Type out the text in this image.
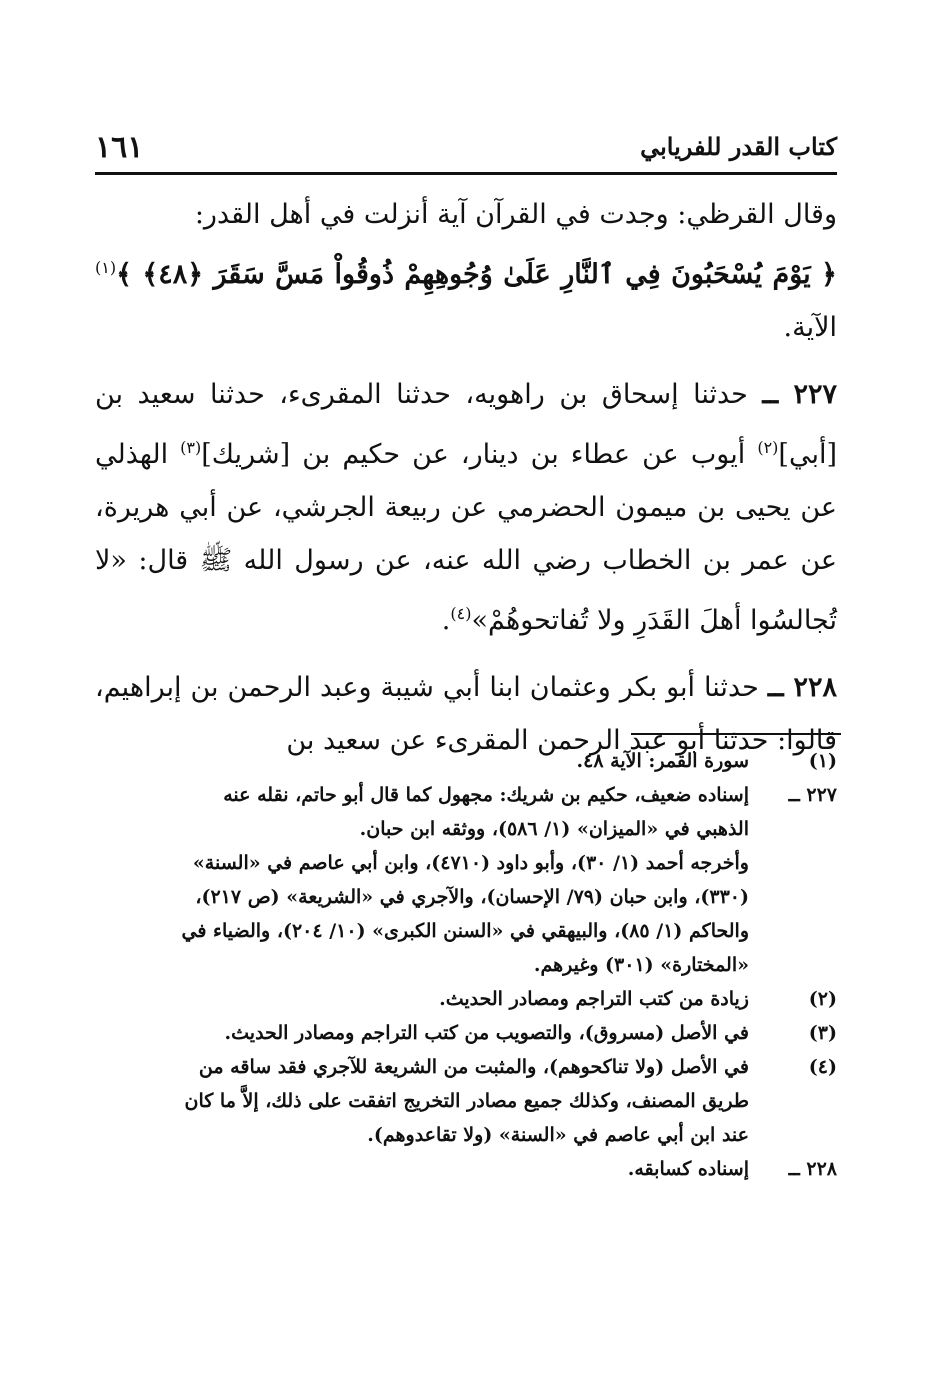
كتاب القدر للفريابي
١٦١

وقال القرظي: وجدت في القرآن آية أنزلت في أهل القدر:
﴿ يَوْمَ يُسْحَبُونَ فِي ٱلنَّارِ عَلَىٰ وُجُوهِهِمْ ذُوقُواْ مَسَّ سَقَرَ ﴿٤٨﴾ ﴾$^{(١)}$ الآية.

٢٢٧ ــ حدثنا إسحاق بن راهويه، حدثنا المقرىء، حدثنا سعيد بن [أبي]$^{(٢)}$ أيوب عن عطاء بن دينار، عن حكيم بن [شريك]$^{(٣)}$ الهذلي عن يحيى بن ميمون الحضرمي عن ربيعة الجرشي، عن أبي هريرة، عن عمر بن الخطاب رضي الله عنه، عن رسول الله ﷺ قال: «لا تُجالسُوا أهلَ القَدَرِ ولا تُفاتحوهُمْ»$^{(٤)}$.

٢٢٨ ــ حدثنا أبو بكر وعثمان ابنا أبي شيبة وعبد الرحمن بن إبراهيم، قالوا: حدثنا أبو عبد الرحمن المقرىء عن سعيد بن

(١)
سورة القمر: الآية ٤٨.
٢٢٧ ــ
إسناده ضعيف، حكيم بن شريك: مجهول كما قال أبو حاتم، نقله عنه
الذهبي في «الميزان» (١/ ٥٨٦)، ووثقه ابن حبان.
وأخرجه أحمد (١/ ٣٠)، وأبو داود (٤٧١٠)، وابن أبي عاصم في «السنة»
(٣٣٠)، وابن حبان (٧٩/ الإحسان)، والآجري في «الشريعة» (ص ٢١٧)،
والحاكم (١/ ٨٥)، والبيهقي في «السنن الكبرى» (١٠/ ٢٠٤)، والضياء في
«المختارة» (٣٠١) وغيرهم.
(٢)
زيادة من كتب التراجم ومصادر الحديث.
(٣)
في الأصل (مسروق)، والتصويب من كتب التراجم ومصادر الحديث.
(٤)
في الأصل (ولا تناكحوهم)، والمثبت من الشريعة للآجري فقد ساقه من
طريق المصنف، وكذلك جميع مصادر التخريج اتفقت على ذلك، إلاَّ ما كان
عند ابن أبي عاصم في «السنة» (ولا تقاعدوهم).
٢٢٨ ــ
إسناده كسابقه.
